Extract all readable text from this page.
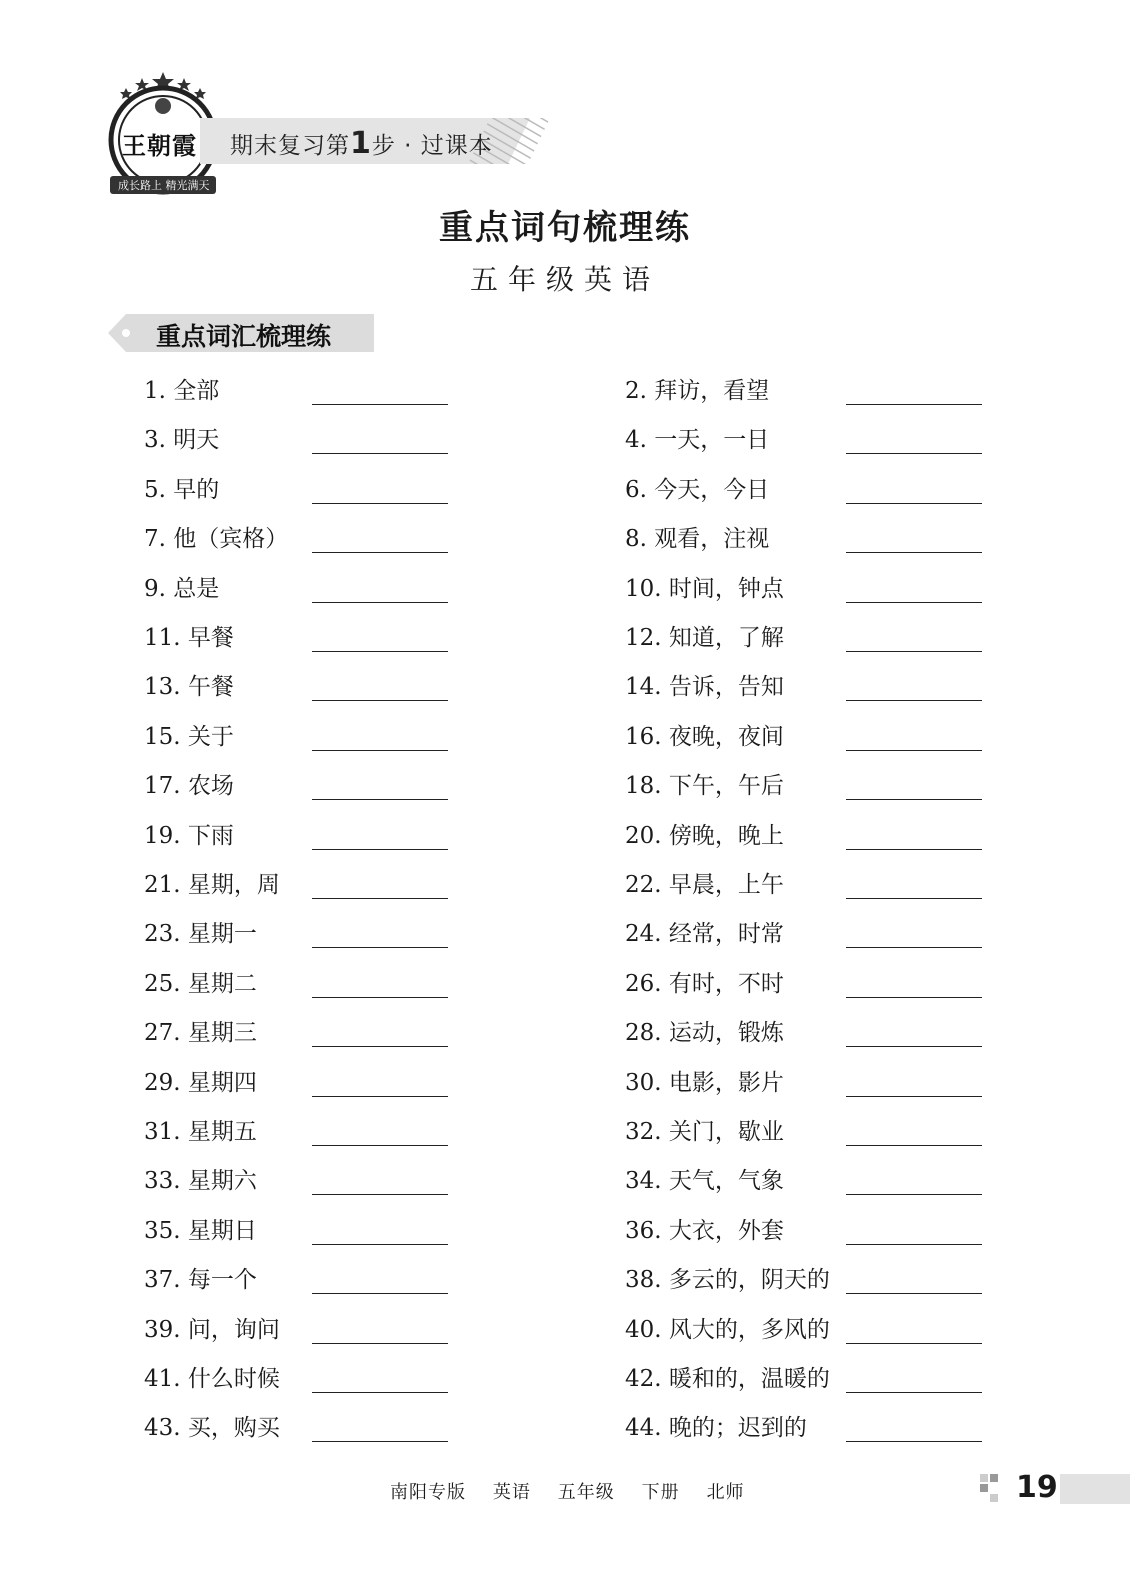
王朝霞
成长路上 精光满天
期末复习第1步 · 过课本
重点词句梳理练
五年级英语
重点词汇梳理练
1. 全部	2. 拜访，看望
3. 明天	4. 一天，一日
5. 早的	6. 今天，今日
7. 他（宾格）	8. 观看，注视
9. 总是	10. 时间，钟点
11. 早餐	12. 知道，了解
13. 午餐	14. 告诉，告知
15. 关于	16. 夜晚，夜间
17. 农场	18. 下午，午后
19. 下雨	20. 傍晚，晚上
21. 星期，周	22. 早晨，上午
23. 星期一	24. 经常，时常
25. 星期二	26. 有时，不时
27. 星期三	28. 运动，锻炼
29. 星期四	30. 电影，影片
31. 星期五	32. 关门，歇业
33. 星期六	34. 天气，气象
35. 星期日	36. 大衣，外套
37. 每一个	38. 多云的，阴天的
39. 问，询问	40. 风大的，多风的
41. 什么时候	42. 暖和的，温暖的
43. 买，购买	44. 晚的；迟到的
南阳专版 英语 五年级 下册 北师	19
